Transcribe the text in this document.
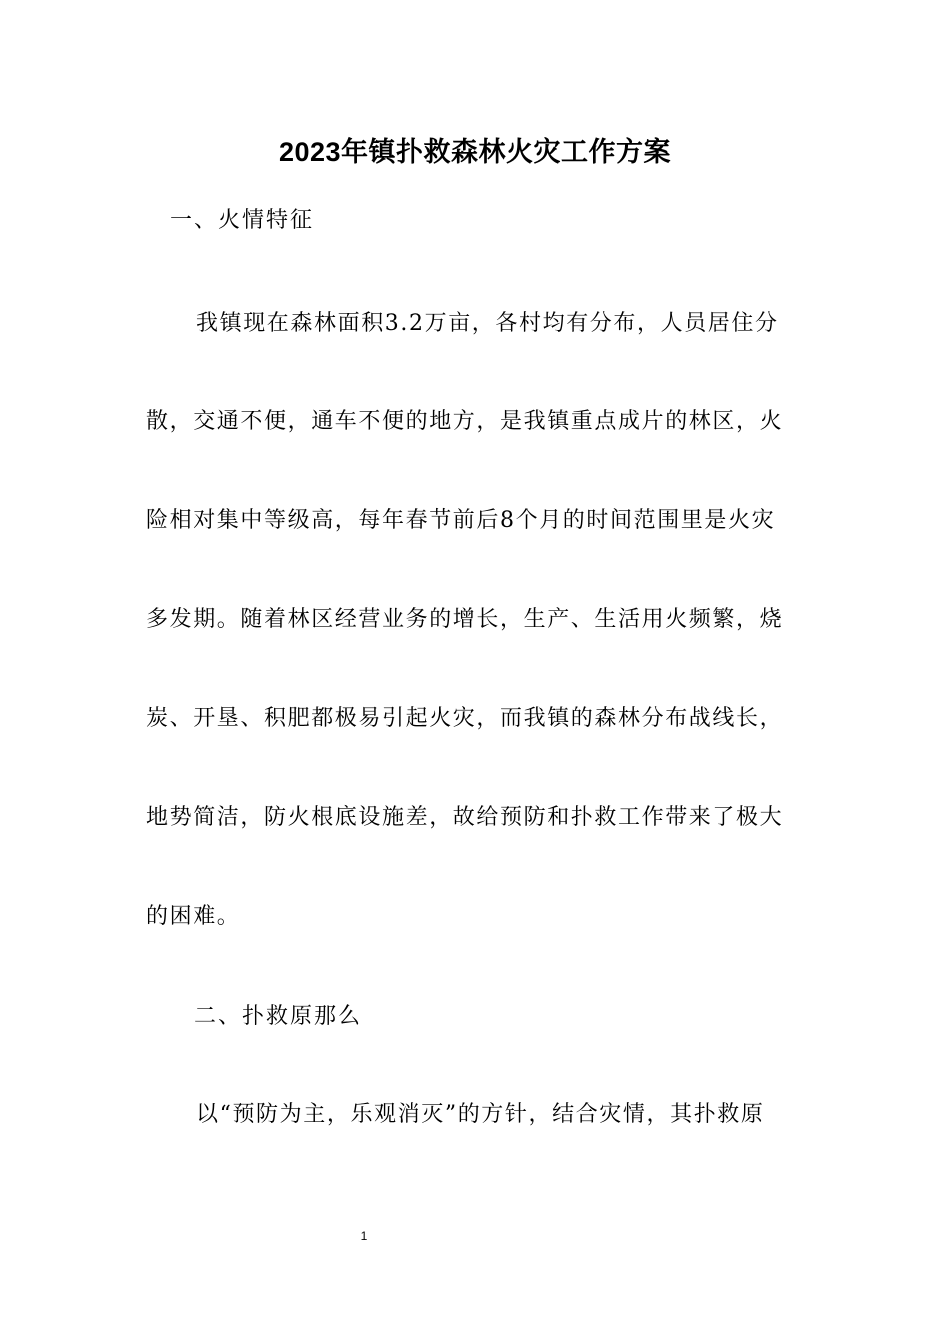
2023年镇扑救森林火灾工作方案
一、火情特征
我镇现在森林面积3.2万亩，各村均有分布，人员居住分
散，交通不便，通车不便的地方，是我镇重点成片的林区，火
险相对集中等级高，每年春节前后8个月的时间范围里是火灾
多发期。随着林区经营业务的增长，生产、生活用火频繁，烧
炭、开垦、积肥都极易引起火灾，而我镇的森林分布战线长，
地势简洁，防火根底设施差，故给预防和扑救工作带来了极大
的困难。
二、扑救原那么
以“预防为主，乐观消灭”的方针，结合灾情，其扑救原
1
